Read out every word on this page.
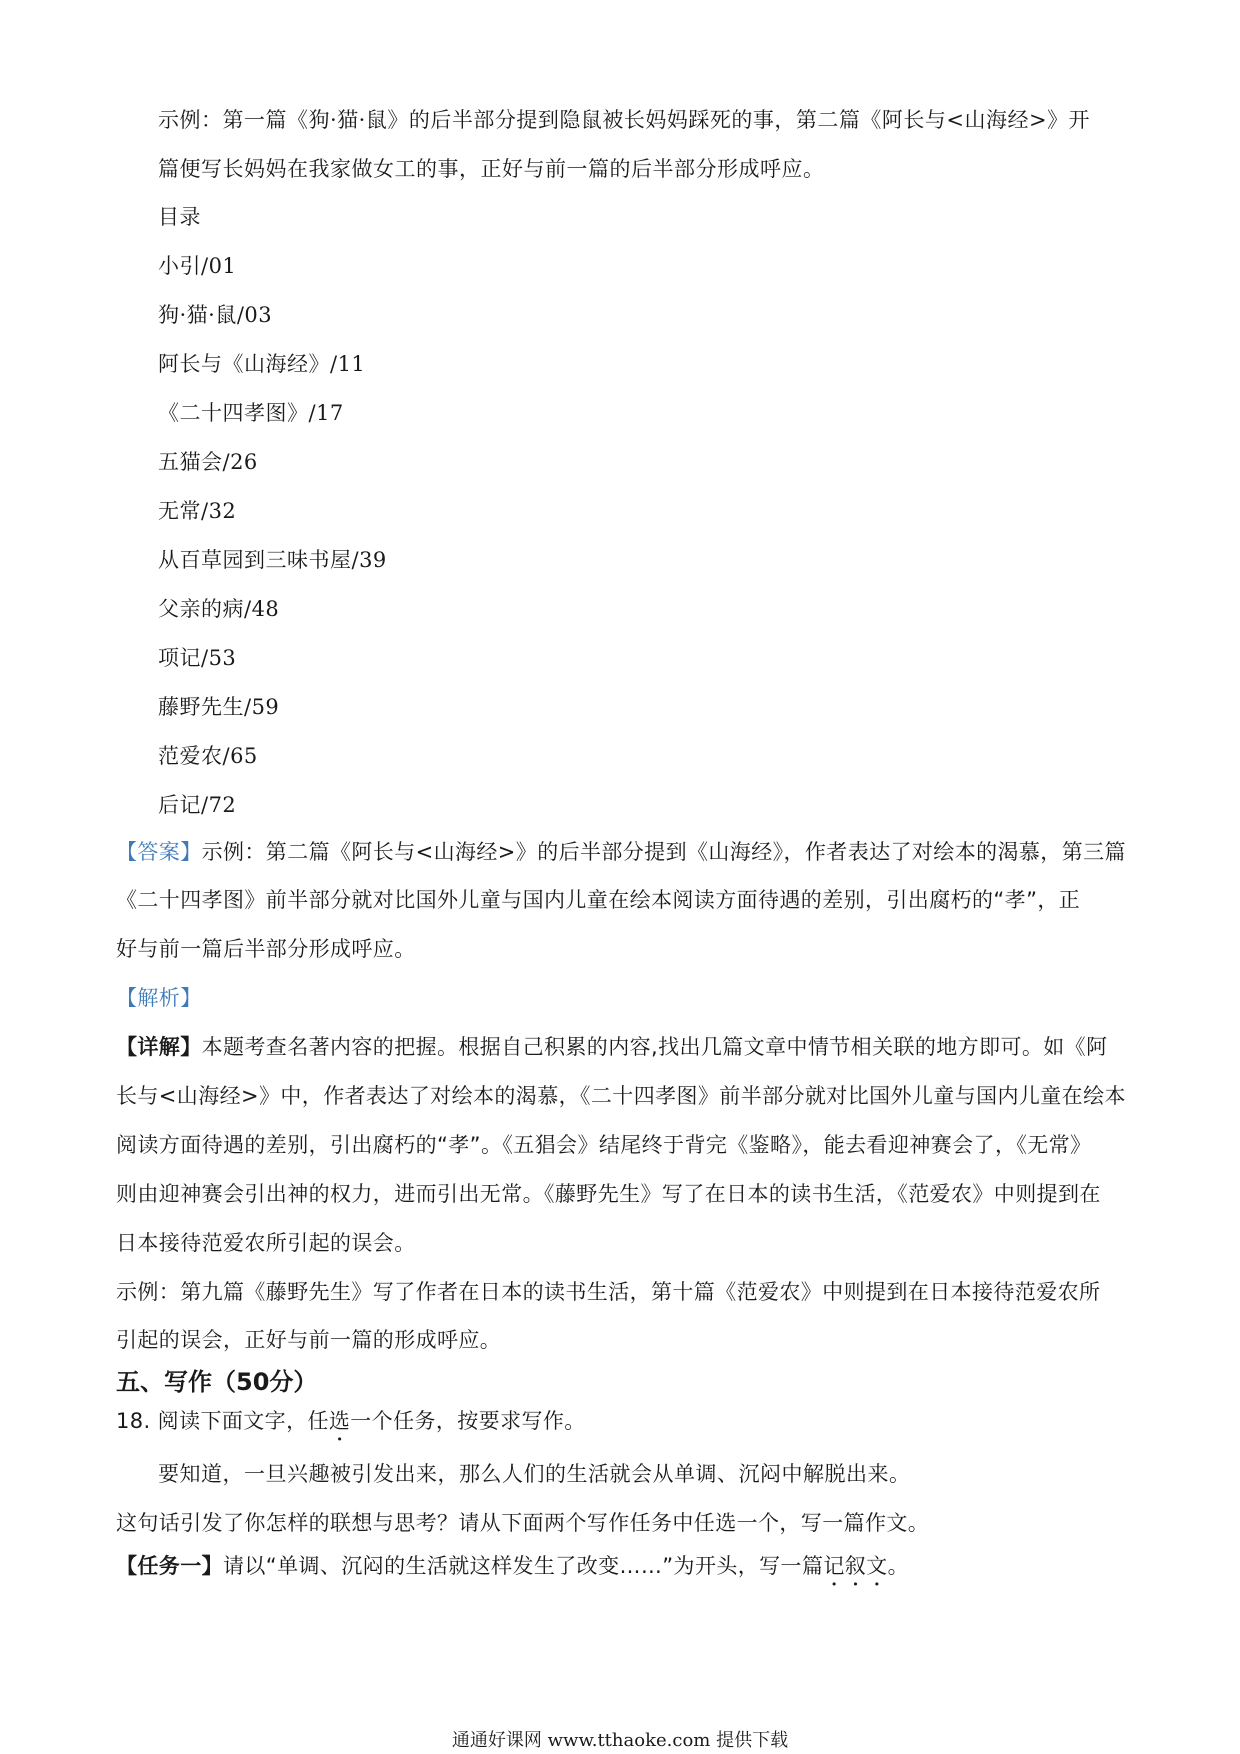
示例：第一篇《狗·猫·鼠》的后半部分提到隐鼠被长妈妈踩死的事，第二篇《阿长与<山海经>》开
篇便写长妈妈在我家做女工的事，正好与前一篇的后半部分形成呼应。
目录
小引/01
狗·猫·鼠/03
阿长与《山海经》/11
《二十四孝图》/17
五猫会/26
无常/32
从百草园到三味书屋/39
父亲的病/48
项记/53
藤野先生/59
范爱农/65
后记/72
【答案】示例：第二篇《阿长与<山海经>》的后半部分提到《山海经》，作者表达了对绘本的渴慕，第三篇
《二十四孝图》前半部分就对比国外儿童与国内儿童在绘本阅读方面待遇的差别，引出腐朽的“孝”，正
好与前一篇后半部分形成呼应。
【解析】
【详解】本题考查名著内容的把握。根据自己积累的内容,找出几篇文章中情节相关联的地方即可。如《阿
长与<山海经>》中，作者表达了对绘本的渴慕，《二十四孝图》前半部分就对比国外儿童与国内儿童在绘本
阅读方面待遇的差别，引出腐朽的“孝”。《五猖会》结尾终于背完《鉴略》，能去看迎神赛会了，《无常》
则由迎神赛会引出神的权力，进而引出无常。《藤野先生》写了在日本的读书生活，《范爱农》中则提到在
日本接待范爱农所引起的误会。
示例：第九篇《藤野先生》写了作者在日本的读书生活，第十篇《范爱农》中则提到在日本接待范爱农所
引起的误会，正好与前一篇的形成呼应。
五、写作（50分）
18. 阅读下面文字，任选一个任务，按要求写作。
要知道，一旦兴趣被引发出来，那么人们的生活就会从单调、沉闷中解脱出来。
这句话引发了你怎样的联想与思考？请从下面两个写作任务中任选一个，写一篇作文。
【任务一】请以“单调、沉闷的生活就这样发生了改变……”为开头，写一篇记叙文。
通通好课网 www.tthaoke.com 提供下载
